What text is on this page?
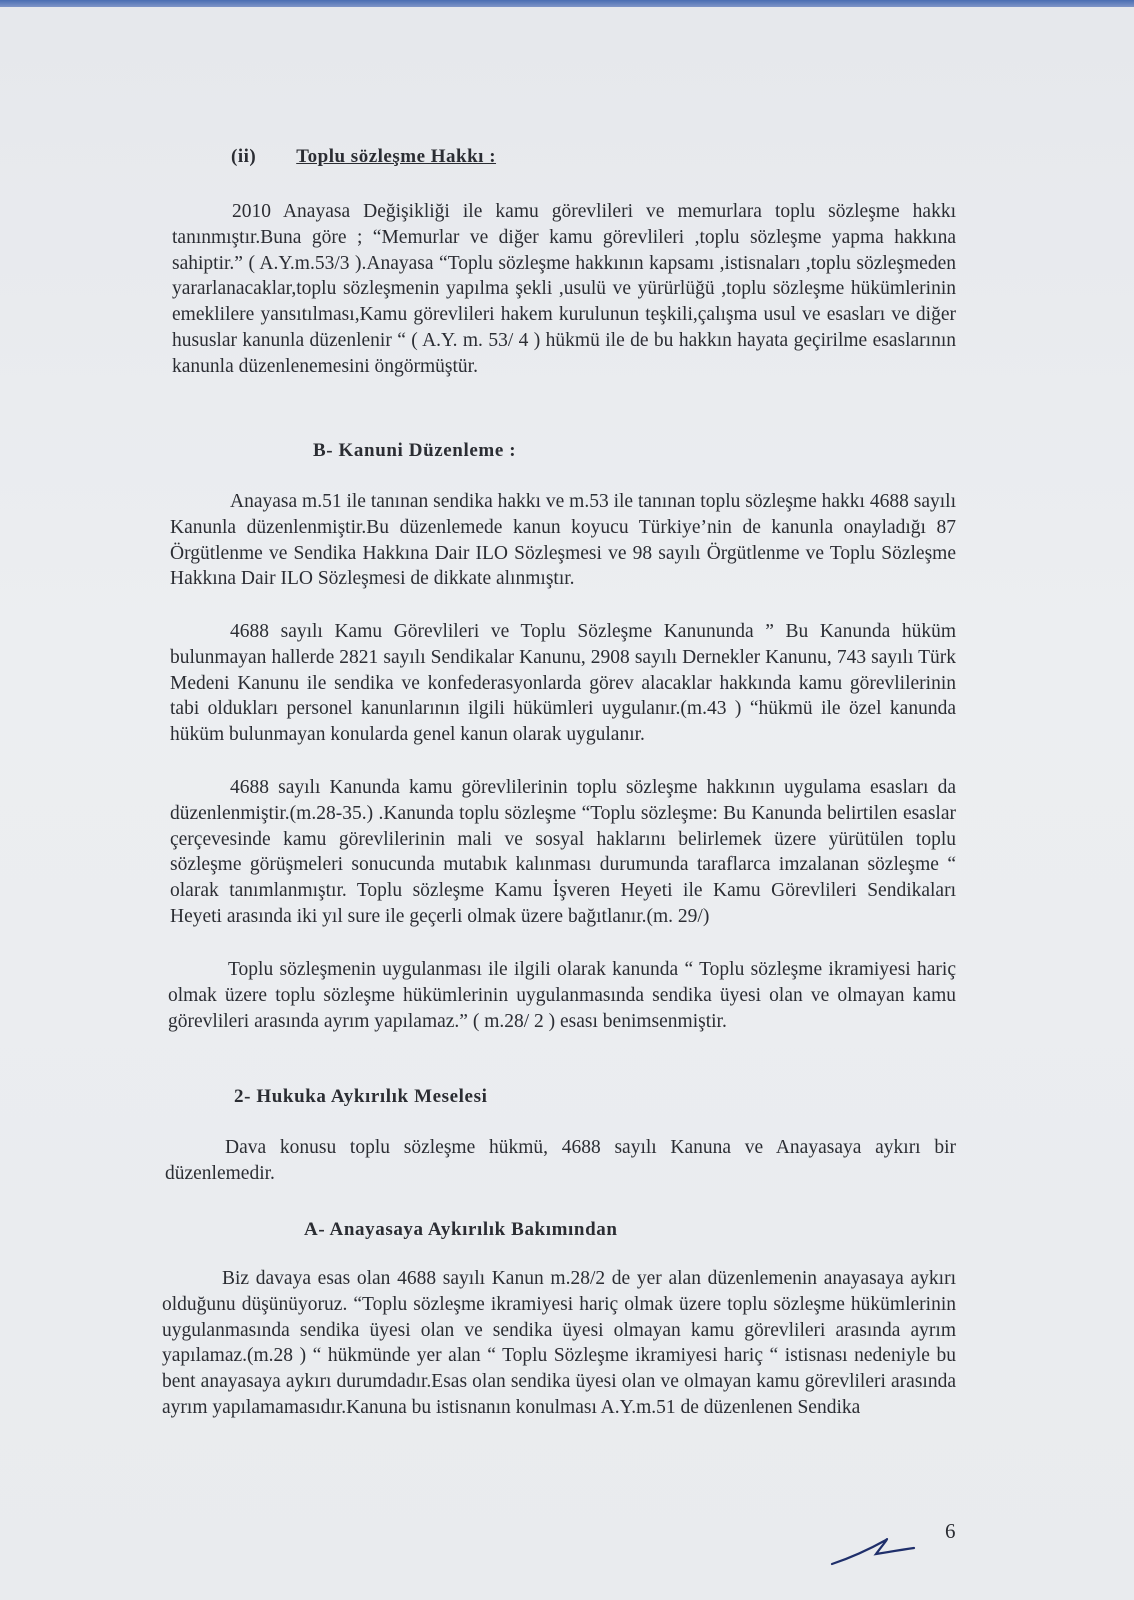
(ii) Toplu sözleşme Hakkı :

2010 Anayasa Değişikliği ile kamu görevlileri ve memurlara toplu sözleşme hakkı tanınmıştır.Buna göre ; “Memurlar ve diğer kamu görevlileri ,toplu sözleşme yapma hakkına sahiptir.” ( A.Y.m.53/3 ).Anayasa “Toplu sözleşme hakkının kapsamı ,istisnaları ,toplu sözleşmeden yararlanacaklar,toplu sözleşmenin yapılma şekli ,usulü ve yürürlüğü ,toplu sözleşme hükümlerinin emeklilere yansıtılması,Kamu görevlileri hakem kurulunun teşkili,çalışma usul ve esasları ve diğer hususlar kanunla düzenlenir “ ( A.Y. m. 53/ 4 ) hükmü ile de bu hakkın hayata geçirilme esaslarının kanunla düzenlenemesini öngörmüştür.

B- Kanuni Düzenleme :

Anayasa m.51 ile tanınan sendika hakkı ve m.53 ile tanınan toplu sözleşme hakkı 4688 sayılı Kanunla düzenlenmiştir.Bu düzenlemede kanun koyucu Türkiye’nin de kanunla onayladığı 87 Örgütlenme ve Sendika Hakkına Dair ILO Sözleşmesi ve 98 sayılı Örgütlenme ve Toplu Sözleşme Hakkına Dair ILO Sözleşmesi de dikkate alınmıştır.

4688 sayılı Kamu Görevlileri ve Toplu Sözleşme Kanununda ” Bu Kanunda hüküm bulunmayan hallerde 2821 sayılı Sendikalar Kanunu, 2908 sayılı Dernekler Kanunu, 743 sayılı Türk Medeni Kanunu ile sendika ve konfederasyonlarda görev alacaklar hakkında kamu görevlilerinin tabi oldukları personel kanunlarının ilgili hükümleri uygulanır.(m.43 ) “hükmü ile özel kanunda hüküm bulunmayan konularda genel kanun olarak uygulanır.

4688 sayılı Kanunda kamu görevlilerinin toplu sözleşme hakkının uygulama esasları da düzenlenmiştir.(m.28-35.) .Kanunda toplu sözleşme “Toplu sözleşme: Bu Kanunda belirtilen esaslar çerçevesinde kamu görevlilerinin mali ve sosyal haklarını belirlemek üzere yürütülen toplu sözleşme görüşmeleri sonucunda mutabık kalınması durumunda taraflarca imzalanan sözleşme “ olarak tanımlanmıştır. Toplu sözleşme Kamu İşveren Heyeti ile Kamu Görevlileri Sendikaları Heyeti arasında iki yıl sure ile geçerli olmak üzere bağıtlanır.(m. 29/)

Toplu sözleşmenin uygulanması ile ilgili olarak kanunda “ Toplu sözleşme ikramiyesi hariç olmak üzere toplu sözleşme hükümlerinin uygulanmasında sendika üyesi olan ve olmayan kamu görevlileri arasında ayrım yapılamaz.” ( m.28/ 2 ) esası benimsenmiştir.

2- Hukuka Aykırılık Meselesi

Dava konusu toplu sözleşme hükmü, 4688 sayılı Kanuna ve Anayasaya aykırı bir düzenlemedir.

A- Anayasaya Aykırılık Bakımından

Biz davaya esas olan 4688 sayılı Kanun m.28/2 de yer alan düzenlemenin anayasaya aykırı olduğunu düşünüyoruz. “Toplu sözleşme ikramiyesi hariç olmak üzere toplu sözleşme hükümlerinin uygulanmasında sendika üyesi olan ve sendika üyesi olmayan kamu görevlileri arasında ayrım yapılamaz.(m.28 ) “ hükmünde yer alan “ Toplu Sözleşme ikramiyesi hariç “ istisnası nedeniyle bu bent anayasaya aykırı durumdadır.Esas olan sendika üyesi olan ve olmayan kamu görevlileri arasında ayrım yapılamamasıdır.Kanuna bu istisnanın konulması A.Y.m.51 de düzenlenen Sendika

6
